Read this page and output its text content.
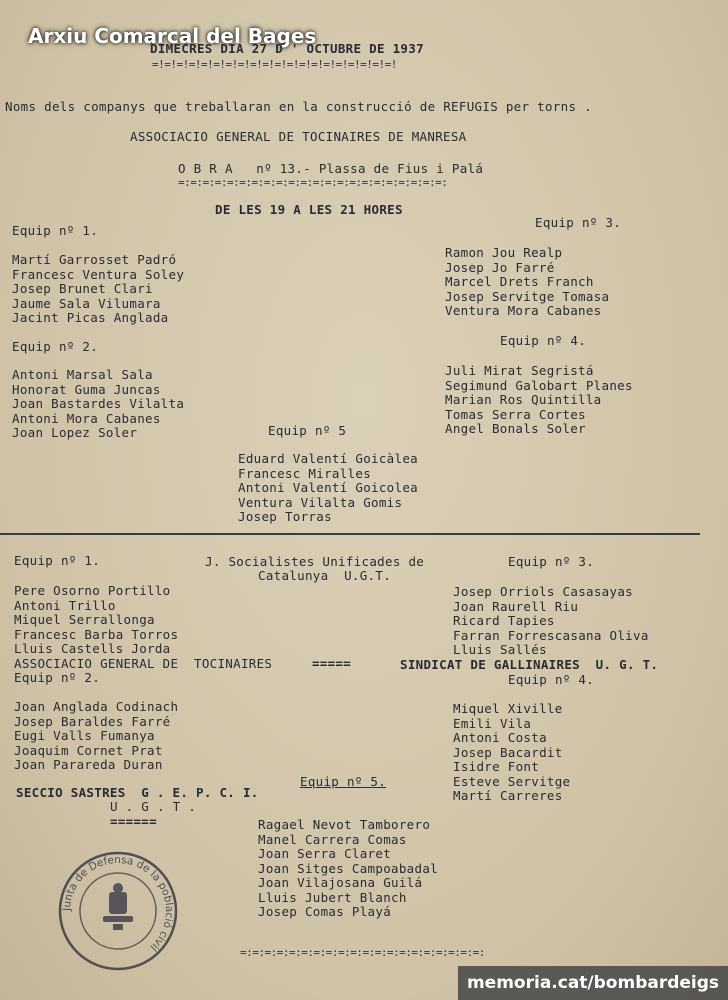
Arxiu Comarcal del Bages
DIMECRES DIA 27 D ' OCTUBRE DE 1937
=!=!=!=!=!=!=!=!=!=!=!=!=!=!=!=!=!=!=!=!
Noms dels companys que treballaran en la construcció de REFUGIS per torns .
ASSOCIACIO GENERAL DE TOCINAIRES DE MANRESA
O B R A   nº 13.- Plassa de Fius i Palá
=:=:=:=:=:=:=:=:=:=:=:=:=:=:=:=:=:=:=:=:=:=:
DE LES 19 A LES 21 HORES
Equip nº 1.
Martí Garrosset Padró
Francesc Ventura Soley
Josep Brunet Clari
Jaume Sala Vilumara
Jacint Picas Anglada
Equip nº 3.
Ramon Jou Realp
Josep Jo Farré
Marcel Drets Franch
Josep Servitge Tomasa
Ventura Mora Cabanes
Equip nº 2.
Antoni Marsal Sala
Honorat Guma Juncas
Joan Bastardes Vilalta
Antoni Mora Cabanes
Joan Lopez Soler
Equip nº 4.
Juli Mirat Segristá
Segimund Galobart Planes
Marian Ros Quintilla
Tomas Serra Cortes
Angel Bonals Soler
Equip nº 5
Eduard Valentí Goicàlea
Francesc Miralles
Antoni Valentí Goicolea
Ventura Vilalta Gomis
Josep Torras
Equip nº 1.	J. Socialistes Unificades de
Catalunya  U.G.T.
Equip nº 3.
Pere Osorno Portillo
Antoni Trillo
Miquel Serrallonga
Francesc Barba Torros
Lluis Castells Jorda
Josep Orriols Casasayas
Joan Raurell Riu
Ricard Tapies
Farran Forrescasana Oliva
Lluis Sallés
ASSOCIACIO GENERAL DE  TOCINAIRES	=====	SINDICAT DE GALLINAIRES  U. G. T.
Equip nº 2.	Equip nº 4.
Joan Anglada Codinach
Josep Baraldes Farré
Eugi Valls Fumanya
Joaquim Cornet Prat
Joan Parareda Duran
Miquel Xiville
Emili Vila
Antoni Costa
Josep Bacardit
Isidre Font
Esteve Servitge
Martí Carreres
Equip nº 5.
SECCIO SASTRES  G . E. P. C. I.
U . G . T .
======	Ragael Nevot Tamborero
Manel Carrera Comas
Joan Serra Claret
Joan Sitges Campoabadal
Joan Vilajosana Guilá
Lluis Jubert Blanch
Josep Comas Playá
=:=:=:=:=:=:=:=:=:=:=:=:=:=:=:=:=:=:=:=:
Junta de Defensa de la població civil
memoria.cat/bombardeigs
